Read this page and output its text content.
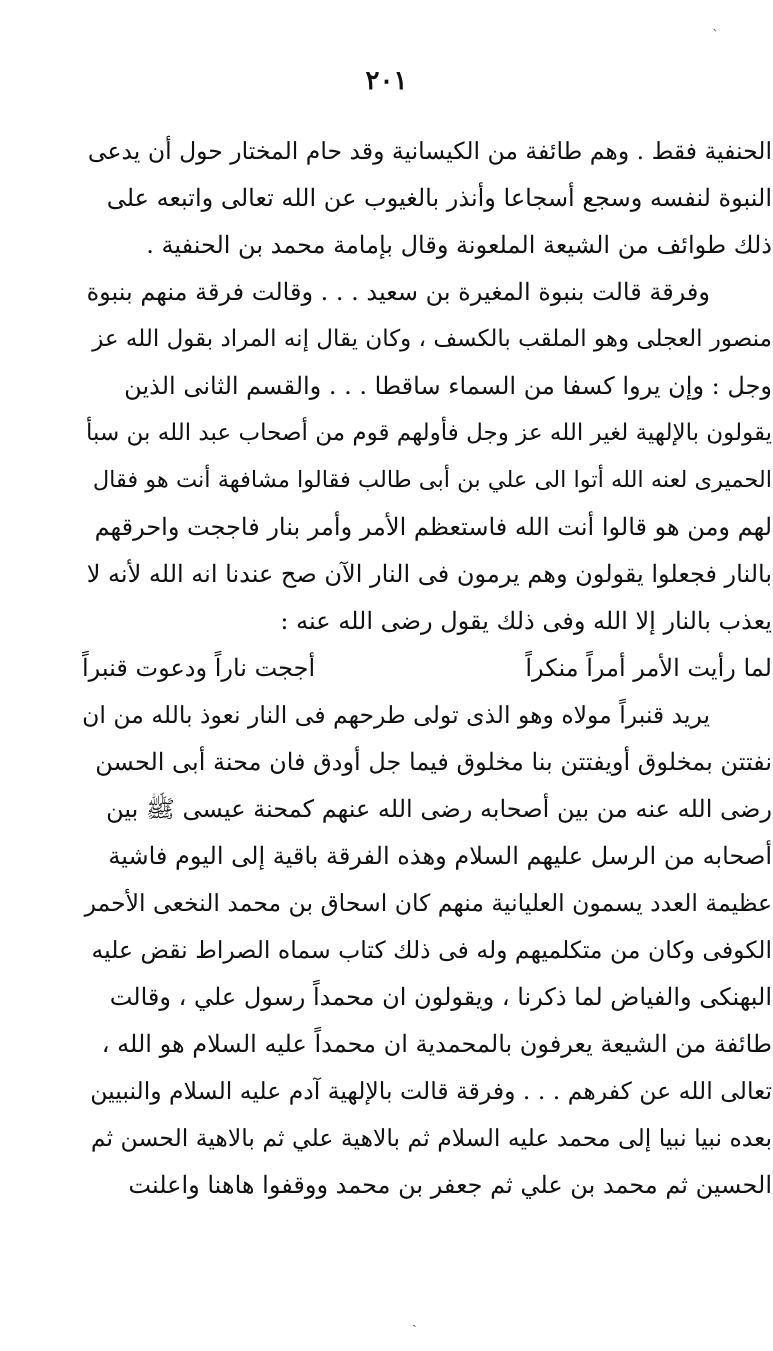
٢٠١
الحنفية فقط . وهم طائفة من الكيسانية وقد حام المختار حول أن يدعى
النبوة لنفسه وسجع أسجاعا وأنذر بالغيوب عن الله تعالى واتبعه على
ذلك طوائف من الشيعة الملعونة وقال بإمامة محمد بن الحنفية .
وفرقة قالت بنبوة المغيرة بن سعيد . . . وقالت فرقة منهم بنبوة
منصور العجلى وهو الملقب بالكسف ، وكان يقال إنه المراد بقول الله عز
وجل : وإن يروا كسفا من السماء ساقطا . . . والقسم الثانى الذين
يقولون بالإلهية لغير الله عز وجل فأولهم قوم من أصحاب عبد الله بن سبأ
الحميرى لعنه الله أتوا الى علي بن أبى طالب فقالوا مشافهة أنت هو فقال
لهم ومن هو قالوا أنت الله فاستعظم الأمر وأمر بنار فاججت واحرقهم
بالنار فجعلوا يقولون وهم يرمون فى النار الآن صح عندنا انه الله لأنه لا
يعذب بالنار إلا الله وفى ذلك يقول رضى الله عنه :
لما رأيت الأمر أمراً منكراً
أججت ناراً ودعوت قنبراً
يريد قنبراً مولاه وهو الذى تولى طرحهم فى النار نعوذ بالله من ان
نفتتن بمخلوق أويفتتن بنا مخلوق فيما جل أودق فان محنة أبى الحسن
رضى الله عنه من بين أصحابه رضى الله عنهم كمحنة عيسى ﷺ بين
أصحابه من الرسل عليهم السلام وهذه الفرقة باقية إلى اليوم فاشية
عظيمة العدد يسمون العليانية منهم كان اسحاق بن محمد النخعى الأحمر
الكوفى وكان من متكلميهم وله فى ذلك كتاب سماه الصراط نقض عليه
البهنكى والفياض لما ذكرنا ، ويقولون ان محمداً رسول علي ، وقالت
طائفة من الشيعة يعرفون بالمحمدية ان محمداً عليه السلام هو الله ،
تعالى الله عن كفرهم . . . وفرقة قالت بالإلهية آدم عليه السلام والنبيين
بعده نبيا نبيا إلى محمد عليه السلام ثم بالاهية علي ثم بالاهية الحسن ثم
الحسين ثم محمد بن علي ثم جعفر بن محمد ووقفوا هاهنا واعلنت
ˋ
ˏ
